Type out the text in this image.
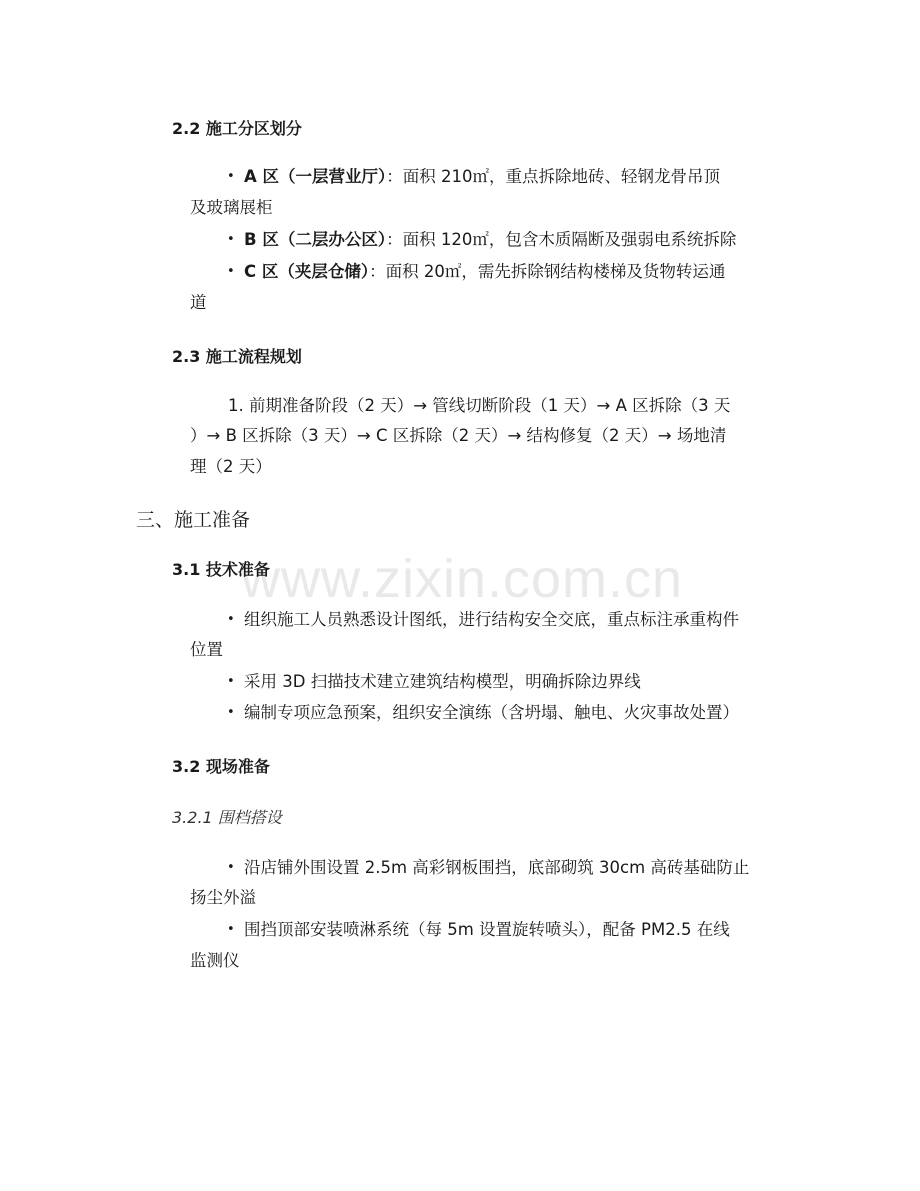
www.zixin.com.cn
2.2 施工分区划分
• A 区（一层营业厅）：面积 210㎡，重点拆除地砖、轻钢龙骨吊顶
及玻璃展柜
• B 区（二层办公区）：面积 120㎡，包含木质隔断及强弱电系统拆除
• C 区（夹层仓储）：面积 20㎡，需先拆除钢结构楼梯及货物转运通
道
2.3 施工流程规划
1. 前期准备阶段（2 天）→ 管线切断阶段（1 天）→ A 区拆除（3 天
）→ B 区拆除（3 天）→ C 区拆除（2 天）→ 结构修复（2 天）→ 场地清
理（2 天）
三、施工准备
3.1 技术准备
• 组织施工人员熟悉设计图纸，进行结构安全交底，重点标注承重构件
位置
• 采用 3D 扫描技术建立建筑结构模型，明确拆除边界线
• 编制专项应急预案，组织安全演练（含坍塌、触电、火灾事故处置）
3.2 现场准备
3.2.1 围档搭设
• 沿店铺外围设置 2.5m 高彩钢板围挡，底部砌筑 30cm 高砖基础防止
扬尘外溢
• 围挡顶部安装喷淋系统（每 5m 设置旋转喷头），配备 PM2.5 在线
监测仪
